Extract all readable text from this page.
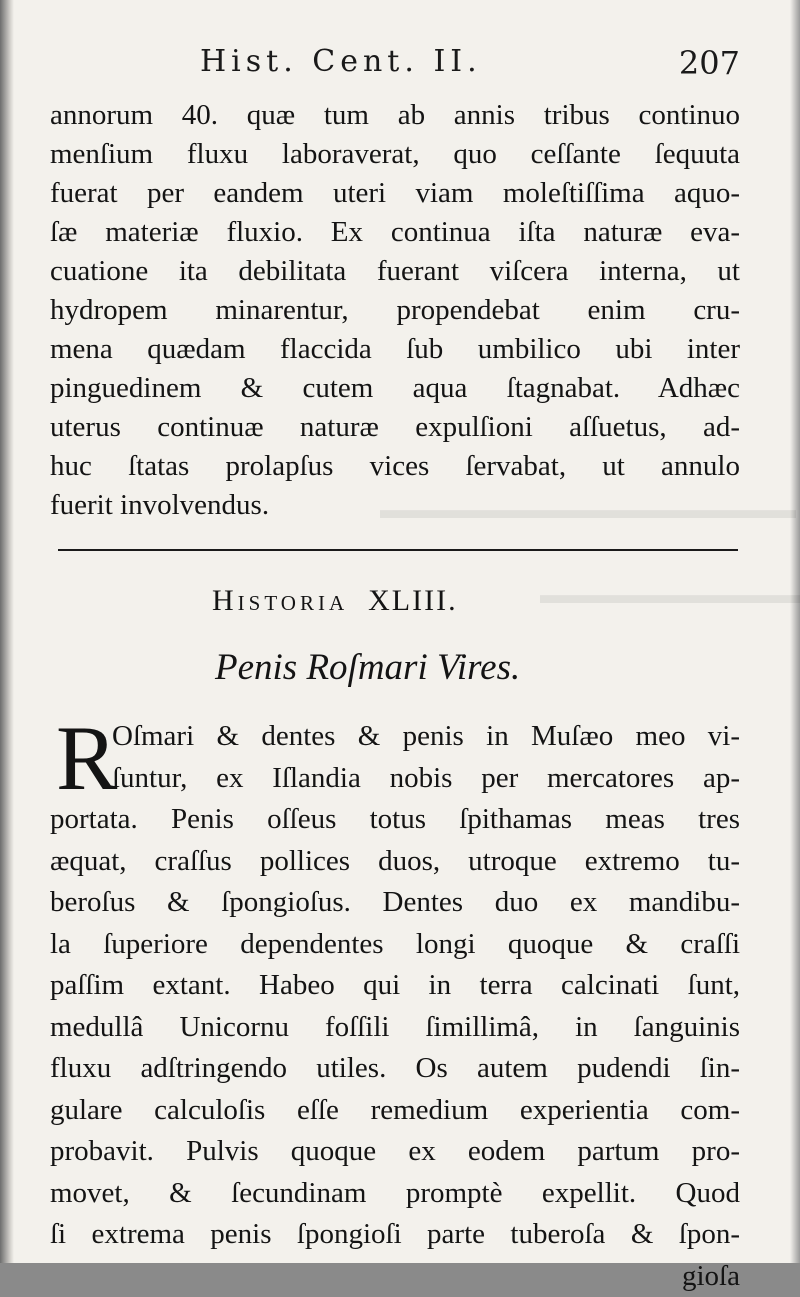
▬▬▬▬▬▬▬▬▬▬▬▬▬▬▬▬
▬▬▬▬▬▬▬▬▬▬
Hist. Cent. II.	207
annorum 40. quæ tum ab annis tribus continuo
menſium fluxu laboraverat, quo ceſſante ſequuta
fuerat per eandem uteri viam moleſtiſſima aquo-
ſæ materiæ fluxio. Ex continua iſta naturæ eva-
cuatione ita debilitata fuerant viſcera interna, ut
hydropem minarentur, propendebat enim cru-
mena quædam flaccida ſub umbilico ubi inter
pinguedinem & cutem aqua ſtagnabat. Adhæc
uterus continuæ naturæ expulſioni aſſuetus, ad-
huc ſtatas prolapſus vices ſervabat, ut annulo
fuerit involvendus.
Historia XLIII.
Penis Roſmari Vires.
R
Oſmari & dentes & penis in Muſæo meo vi-
ſuntur, ex Iſlandia nobis per mercatores ap-
portata. Penis oſſeus totus ſpithamas meas tres
æquat, craſſus pollices duos, utroque extremo tu-
beroſus & ſpongioſus. Dentes duo ex mandibu-
la ſuperiore dependentes longi quoque & craſſi
paſſim extant. Habeo qui in terra calcinati ſunt,
medullâ Unicornu foſſili ſimillimâ, in ſanguinis
fluxu adſtringendo utiles. Os autem pudendi ſin-
gulare calculoſis eſſe remedium experientia com-
probavit. Pulvis quoque ex eodem partum pro-
movet, & ſecundinam promptè expellit. Quod
ſi extrema penis ſpongioſi parte tuberoſa & ſpon-
gioſa
